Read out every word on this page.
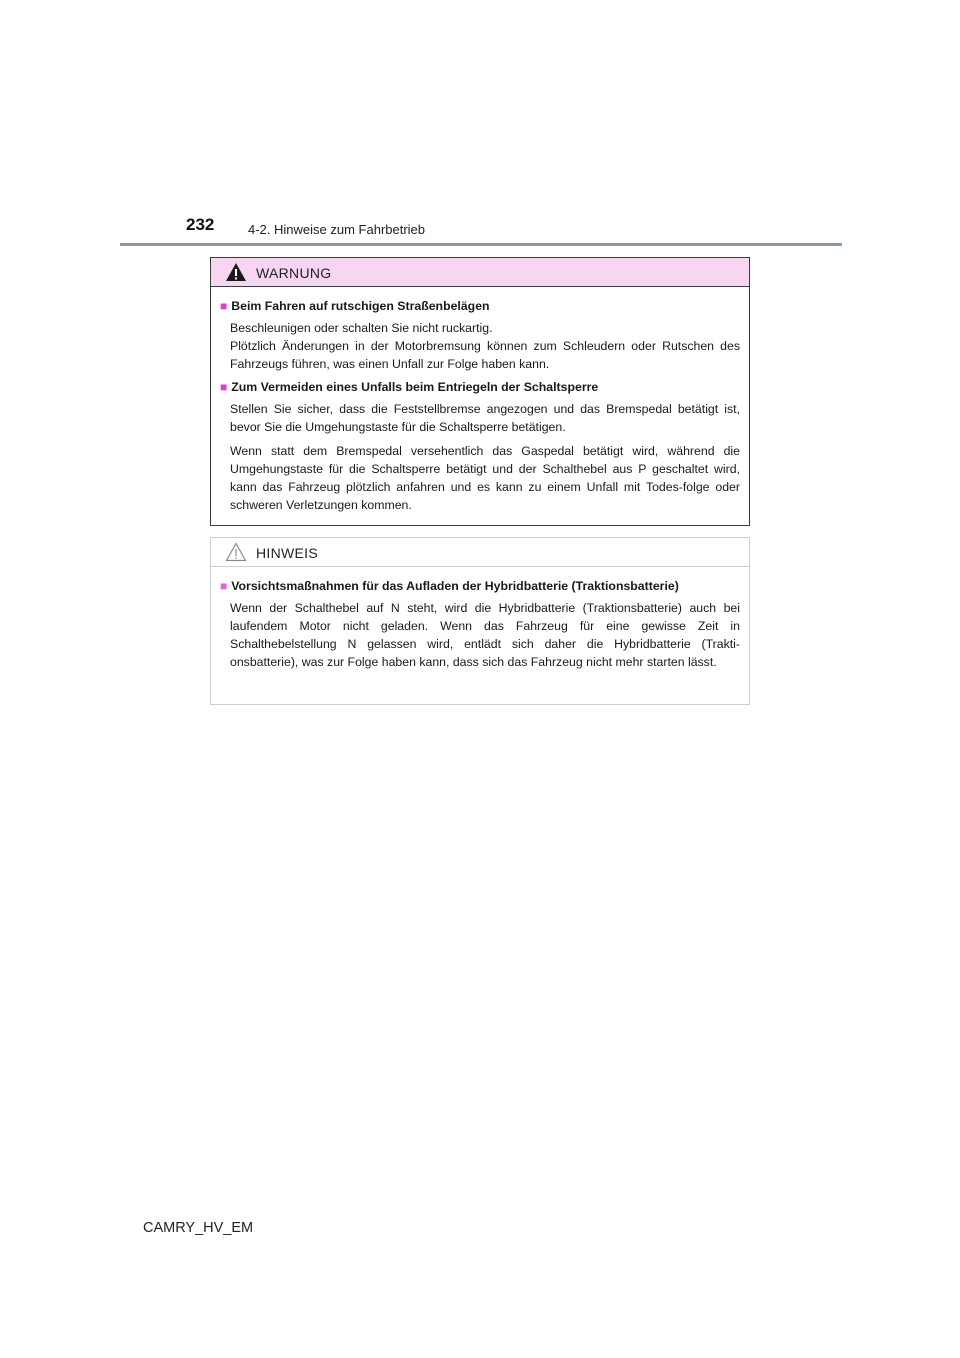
232	4-2. Hinweise zum Fahrbetrieb
WARNUNG
■ Beim Fahren auf rutschigen Straßenbelägen

Beschleunigen oder schalten Sie nicht ruckartig.

Plötzlich Änderungen in der Motorbremsung können zum Schleudern oder Rutschen des Fahrzeugs führen, was einen Unfall zur Folge haben kann.

■ Zum Vermeiden eines Unfalls beim Entriegeln der Schaltsperre

Stellen Sie sicher, dass die Feststellbremse angezogen und das Bremspedal betätigt ist, bevor Sie die Umgehungstaste für die Schaltsperre betätigen.

Wenn statt dem Bremspedal versehentlich das Gaspedal betätigt wird, während die Umgehungstaste für die Schaltsperre betätigt und der Schalthebel aus P geschaltet wird, kann das Fahrzeug plötzlich anfahren und es kann zu einem Unfall mit Todes-folge oder schweren Verletzungen kommen.

HINWEIS
■ Vorsichtsmaßnahmen für das Aufladen der Hybridbatterie (Traktionsbatterie)

Wenn der Schalthebel auf N steht, wird die Hybridbatterie (Traktionsbatterie) auch bei laufendem Motor nicht geladen. Wenn das Fahrzeug für eine gewisse Zeit in Schalthebelstellung N gelassen wird, entlädt sich daher die Hybridbatterie (Trakti-onsbatterie), was zur Folge haben kann, dass sich das Fahrzeug nicht mehr starten lässt.

CAMRY_HV_EM
